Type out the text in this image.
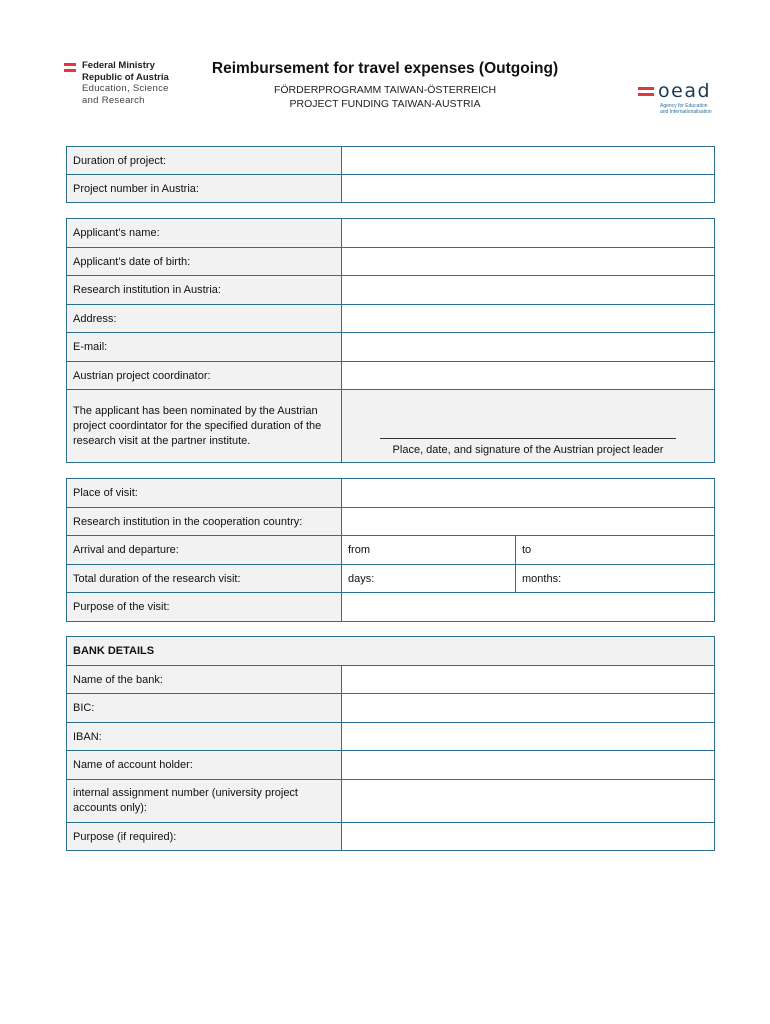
Federal Ministry
Republic of Austria
Education, Science
and Research
Reimbursement for travel expenses (Outgoing)
FÖRDERPROGRAMM TAIWAN-ÖSTERREICH
PROJECT FUNDING TAIWAN-AUSTRIA
oead
Agency for Education
and Internationalisation
Duration of project:	
Project number in Austria:	
Applicant’s name:	
Applicant’s date of birth:	
Research institution in Austria:	
Address:	
E-mail:	
Austrian project coordinator:	
The applicant has been nominated by the Austrian project coordintator for the specified duration of the research visit at the partner institute.	Place, date, and signature of the Austrian project leader
Place of visit:		
Research institution in the cooperation country:		
Arrival and departure:	from	to
Total duration of the research visit:	days:	months:
Purpose of the visit:		
BANK DETAILS	
Name of the bank:	
BIC:	
IBAN:	
Name of account holder:	
internal assignment number (university project accounts only):	
Purpose (if required):	
